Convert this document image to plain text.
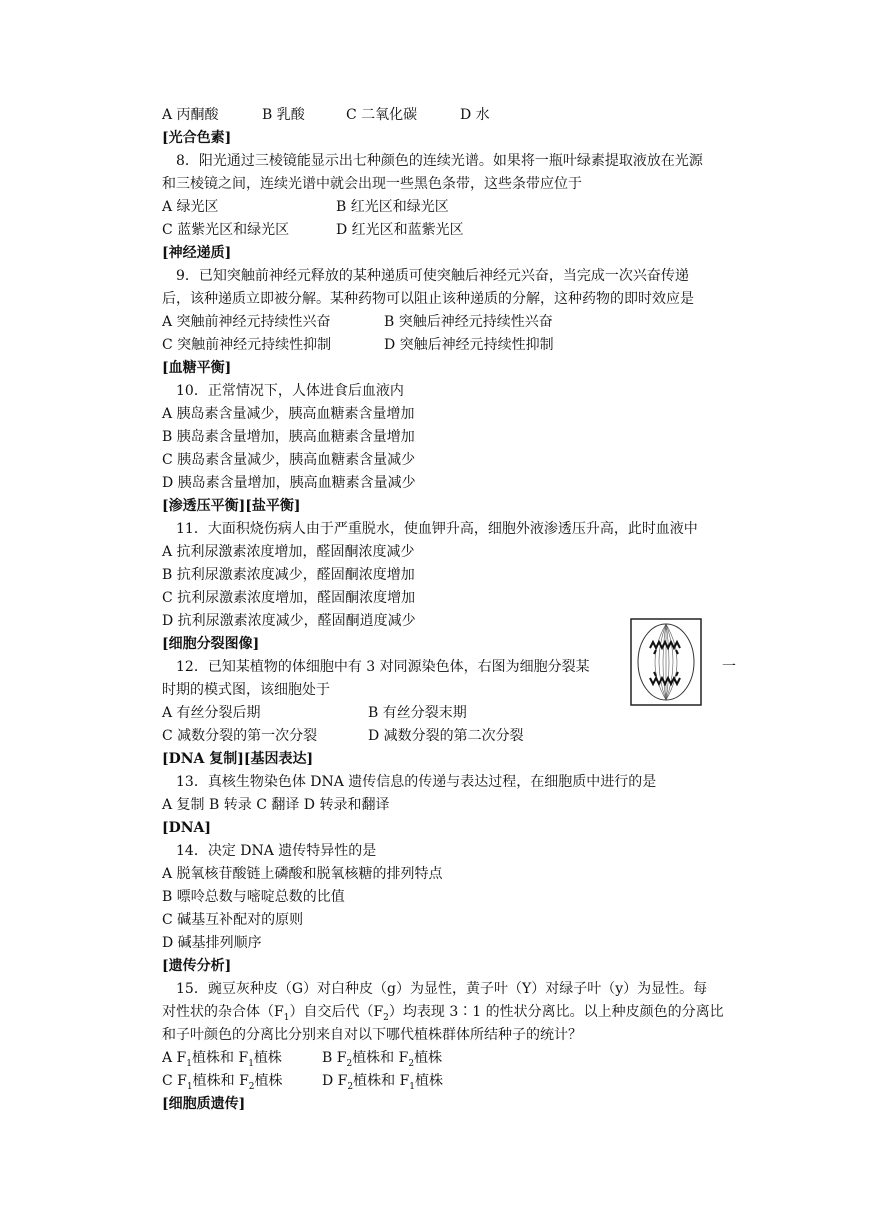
A 丙酮酸	B 乳酸	C 二氧化碳	D 水
[光合色素]
8．阳光通过三棱镜能显示出七种颜色的连续光谱。如果将一瓶叶绿素提取液放在光源
和三棱镜之间，连续光谱中就会出现一些黑色条带，这些条带应位于
A 绿光区	B 红光区和绿光区
C 蓝紫光区和绿光区	D 红光区和蓝紫光区
[神经递质]
9．已知突触前神经元释放的某种递质可使突触后神经元兴奋，当完成一次兴奋传递
后，该种递质立即被分解。某种药物可以阻止该种递质的分解，这种药物的即时效应是
A 突触前神经元持续性兴奋	B 突触后神经元持续性兴奋
C 突触前神经元持续性抑制	D 突触后神经元持续性抑制
[血糖平衡]
10．正常情况下，人体进食后血液内
A 胰岛素含量减少，胰高血糖素含量增加
B 胰岛素含量增加，胰高血糖素含量增加
C 胰岛素含量减少，胰高血糖素含量减少
D 胰岛素含量增加，胰高血糖素含量减少
[渗透压平衡][盐平衡]
11．大面积烧伤病人由于严重脱水，使血钾升高，细胞外液渗透压升高，此时血液中
A 抗利尿激素浓度增加，醛固酮浓度减少
B 抗利尿激素浓度减少，醛固酮浓度增加
C 抗利尿激素浓度增加，醛固酮浓度增加
D 抗利尿激素浓度减少，醛固酮逍度减少
[细胞分裂图像]
12．已知某植物的体细胞中有 3 对同源染色体，右图为细胞分裂某	一
时期的模式图，该细胞处于
A 有丝分裂后期	B 有丝分裂末期
C 减数分裂的第一次分裂	D 减数分裂的第二次分裂
[DNA 复制][基因表达]
13．真核生物染色体 DNA 遗传信息的传递与表达过程，在细胞质中进行的是
A 复制 B 转录 C 翻译 D 转录和翻译
[DNA]
14．决定 DNA 遗传特异性的是
A 脱氧核苷酸链上磷酸和脱氧核糖的排列特点
B 嘌呤总数与嘧啶总数的比值
C 碱基互补配对的原则
D 碱基排列顺序
[遗传分析]
15．豌豆灰种皮（G）对白种皮（g）为显性，黄子叶（Y）对绿子叶（y）为显性。每
对性状的杂合体$(F_1)$自交后代$(F_2)$均表现 3∶1 的性状分离比。以上种皮颜色的分离比
和子叶颜色的分离比分别来自对以下哪代植株群体所结种子的统计？
A $F_1$植株和 $F_1$植株	B $F_2$植株和 $F_2$植株
C $F_1$植株和 $F_2$植株	D $F_2$植株和 $F_1$植株
[细胞质遗传]
